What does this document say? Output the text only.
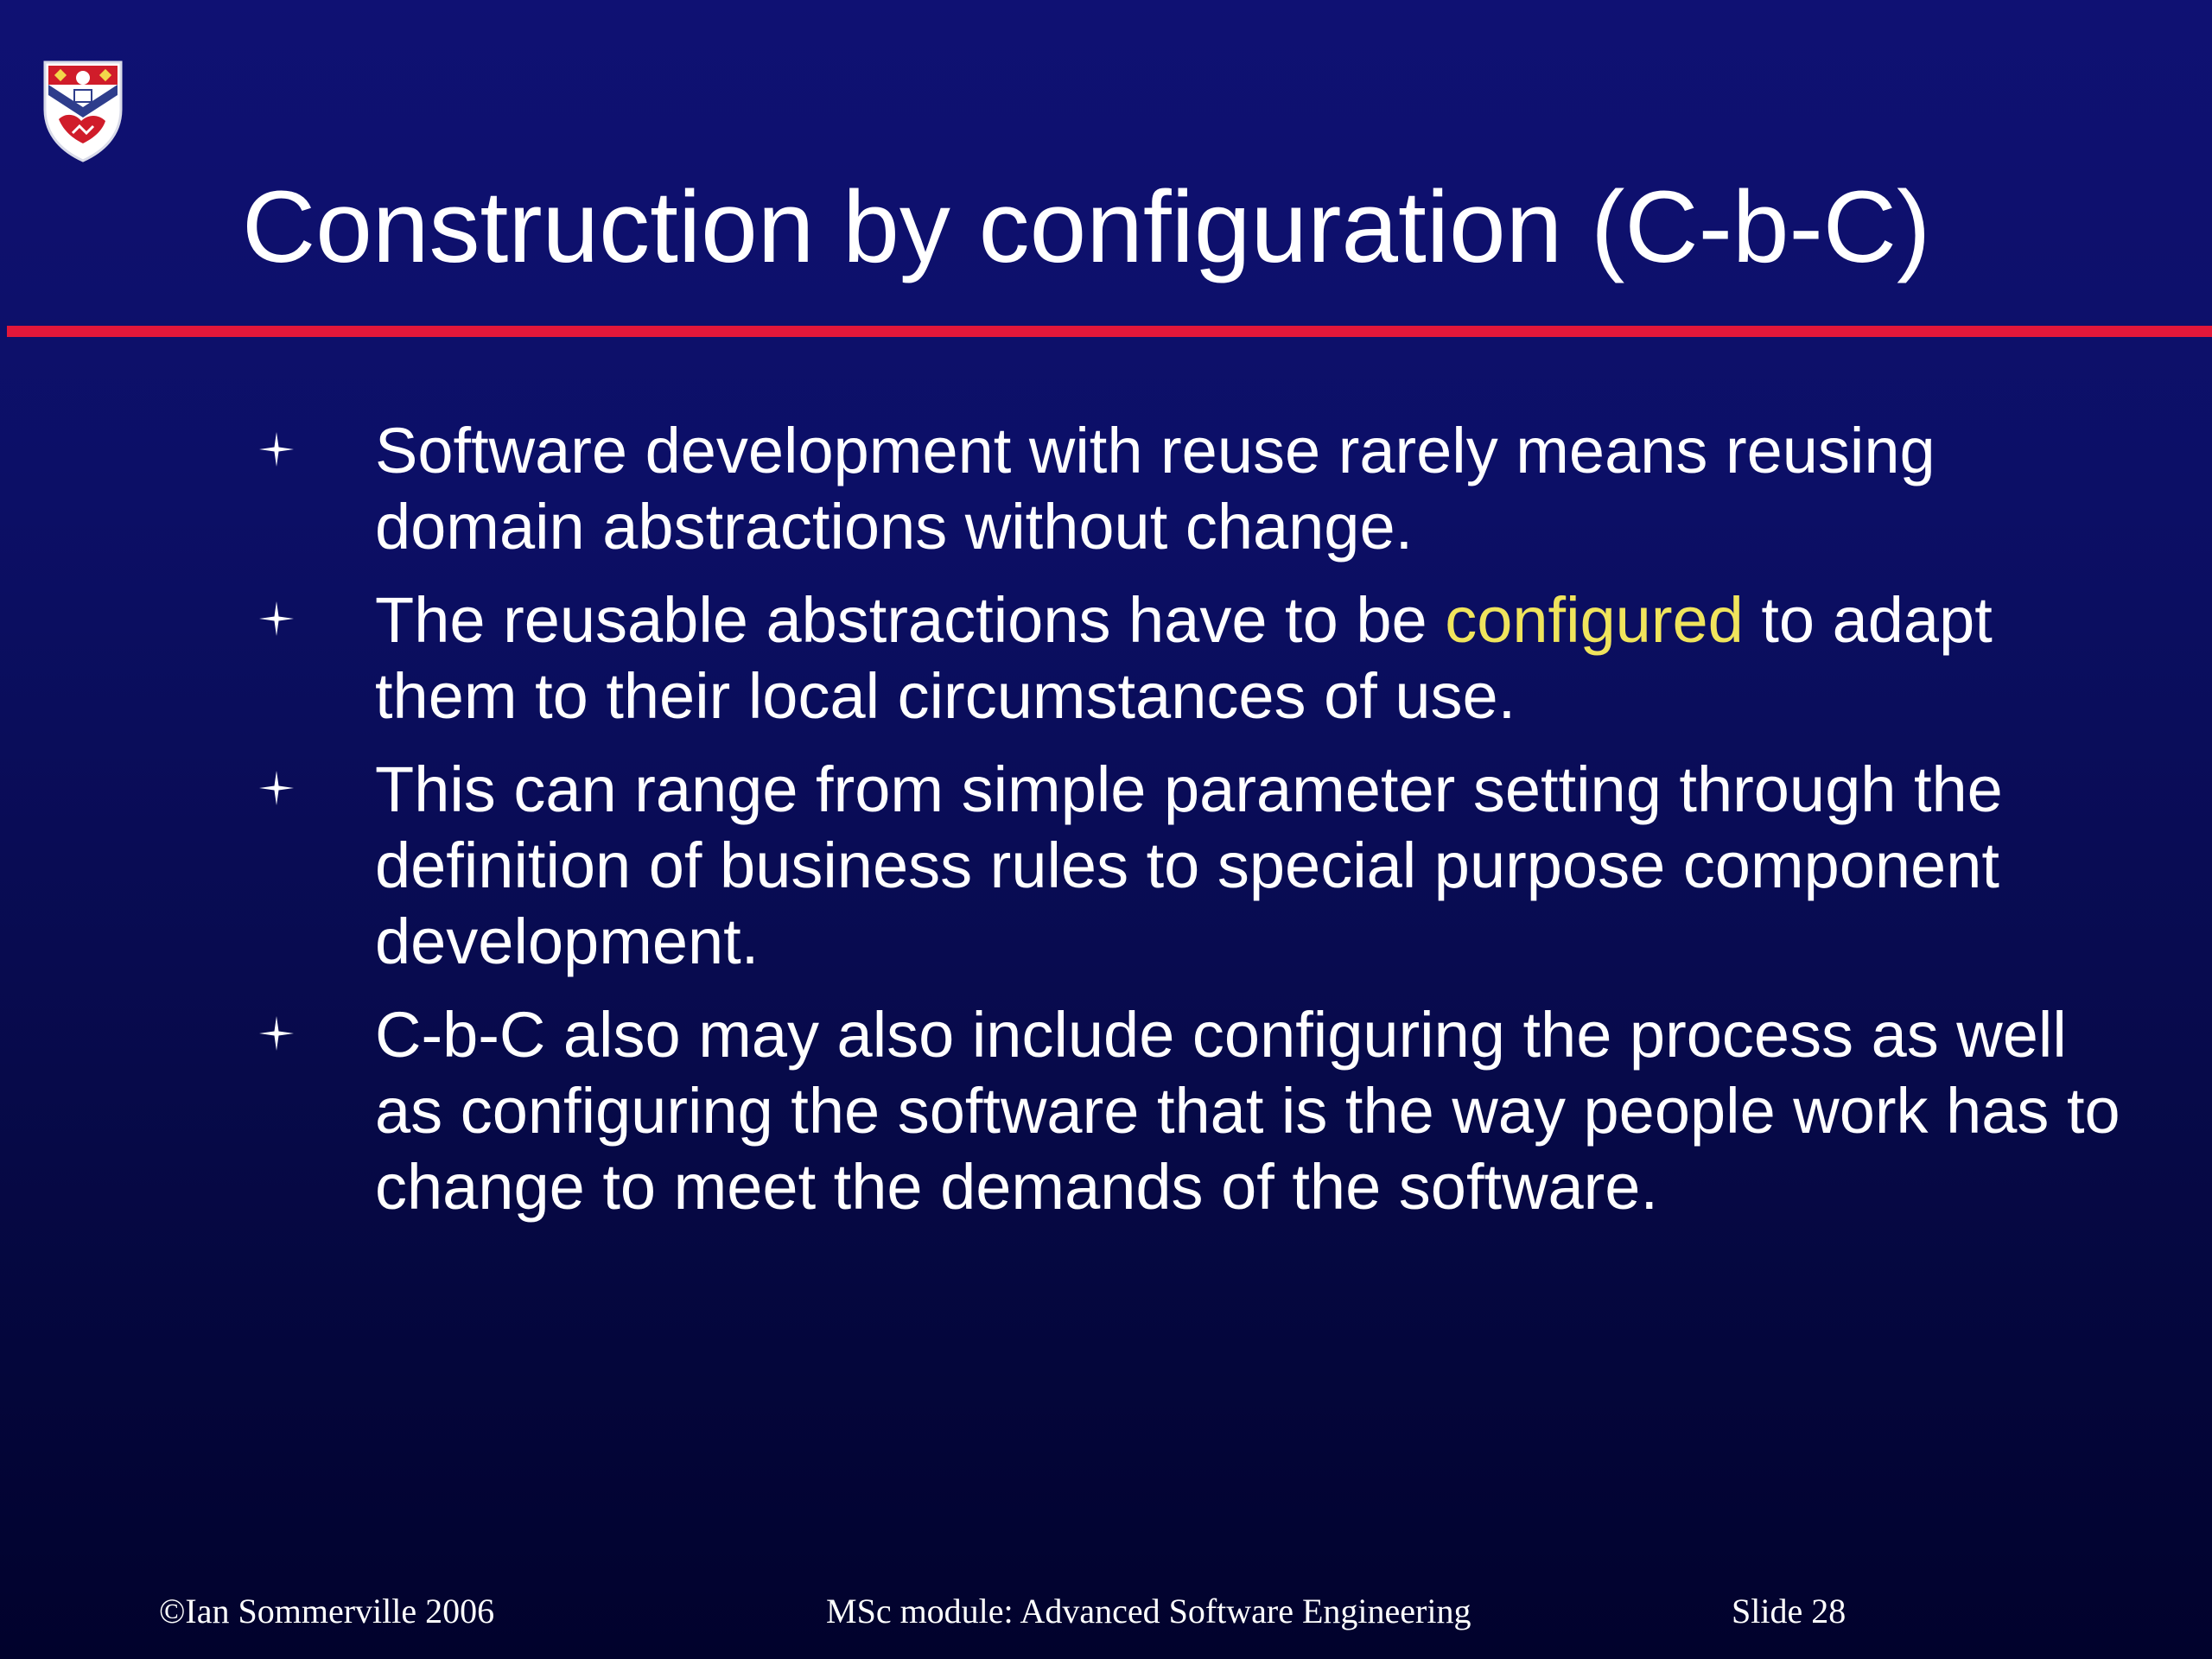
Construction by configuration (C-b-C)
Software development with reuse rarely means reusing domain abstractions without change.
The reusable abstractions have to be configured to adapt them to their local circumstances of use.
This can range from simple parameter setting through the definition of business rules to special purpose component development.
C-b-C also may also include configuring the process as well as configuring the software that is the way people work has to change to meet the demands of the software.
©Ian Sommerville 2006	MSc module: Advanced Software Engineering	Slide 28
